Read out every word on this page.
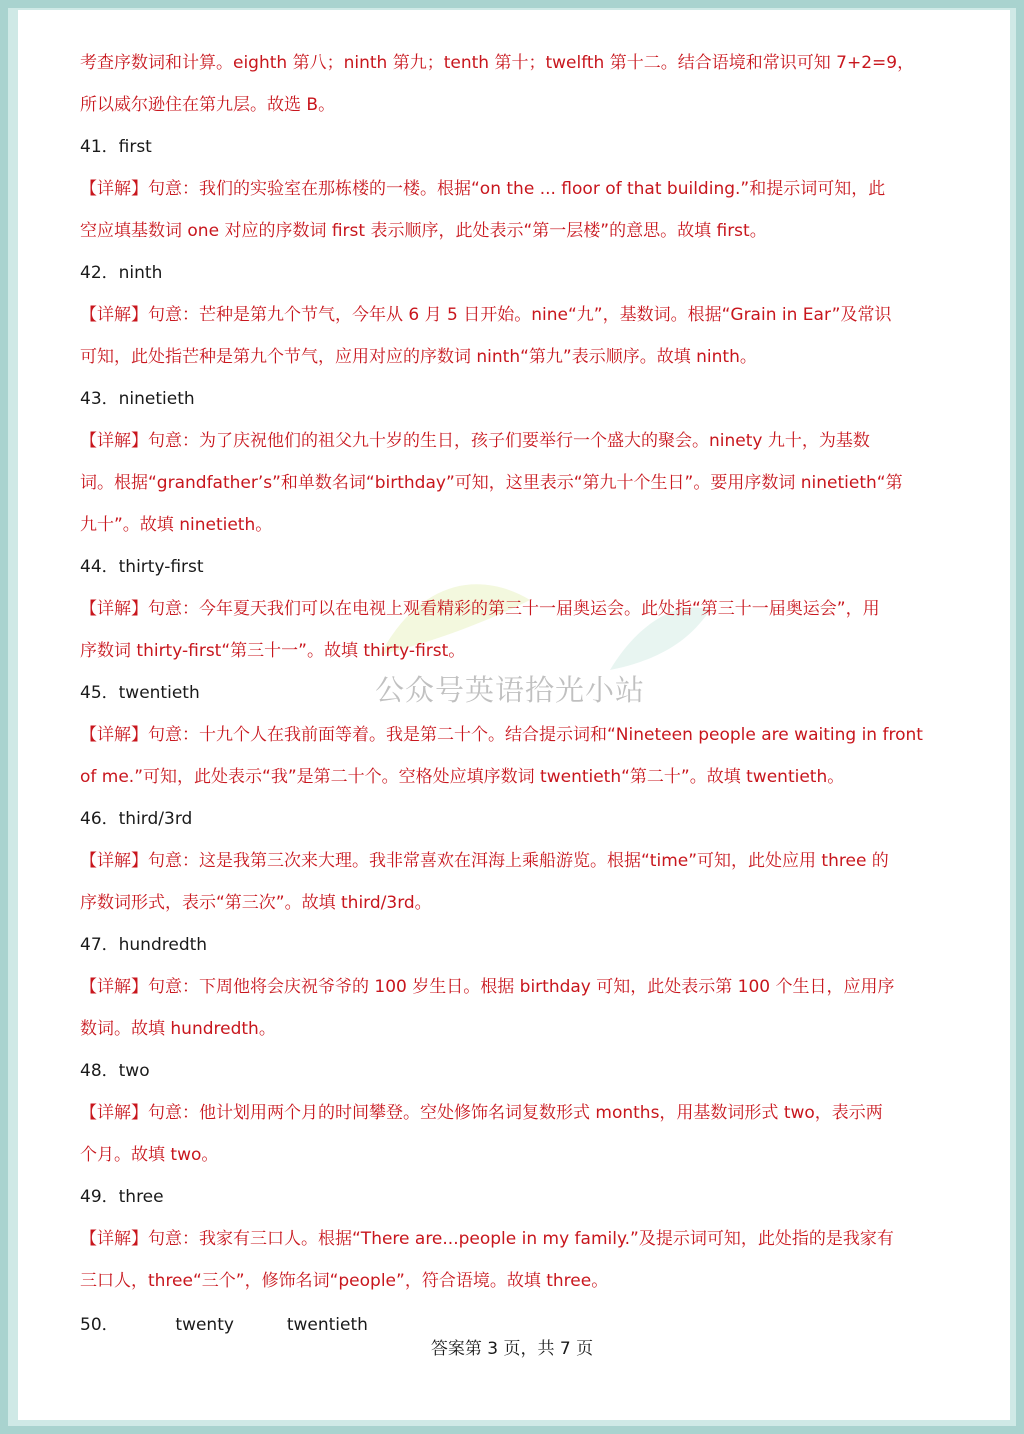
考查序数词和计算。eighth 第八；ninth 第九；tenth 第十；twelfth 第十二。结合语境和常识可知 7+2=9，
所以威尔逊住在第九层。故选 B。
41．first
【详解】句意：我们的实验室在那栋楼的一楼。根据“on the ... floor of that building.”和提示词可知，此
空应填基数词 one 对应的序数词 first 表示顺序，此处表示“第一层楼”的意思。故填 first。
42．ninth
【详解】句意：芒种是第九个节气，今年从 6 月 5 日开始。nine“九”，基数词。根据“Grain in Ear”及常识
可知，此处指芒种是第九个节气，应用对应的序数词 ninth“第九”表示顺序。故填 ninth。
43．ninetieth
【详解】句意：为了庆祝他们的祖父九十岁的生日，孩子们要举行一个盛大的聚会。ninety 九十，为基数
词。根据“grandfather’s”和单数名词“birthday”可知，这里表示“第九十个生日”。要用序数词 ninetieth“第
九十”。故填 ninetieth。
44．thirty-first
【详解】句意：今年夏天我们可以在电视上观看精彩的第三十一届奥运会。此处指“第三十一届奥运会”，用
序数词 thirty-first“第三十一”。故填 thirty-first。
45．twentieth
【详解】句意：十九个人在我前面等着。我是第二十个。结合提示词和“Nineteen people are waiting in front
of me.”可知，此处表示“我”是第二十个。空格处应填序数词 twentieth“第二十”。故填 twentieth。
46．third/3rd
【详解】句意：这是我第三次来大理。我非常喜欢在洱海上乘船游览。根据“time”可知，此处应用 three 的
序数词形式，表示“第三次”。故填 third/3rd。
47．hundredth
【详解】句意：下周他将会庆祝爷爷的 100 岁生日。根据 birthday 可知，此处表示第 100 个生日，应用序
数词。故填 hundredth。
48．two
【详解】句意：他计划用两个月的时间攀登。空处修饰名词复数形式 months，用基数词形式 two，表示两
个月。故填 two。
49．three
【详解】句意：我家有三口人。根据“There are...people in my family.”及提示词可知，此处指的是我家有
三口人，three“三个”，修饰名词“people”，符合语境。故填 three。
50．	twenty	twentieth
公众号英语拾光小站
答案第 3 页，共 7 页
